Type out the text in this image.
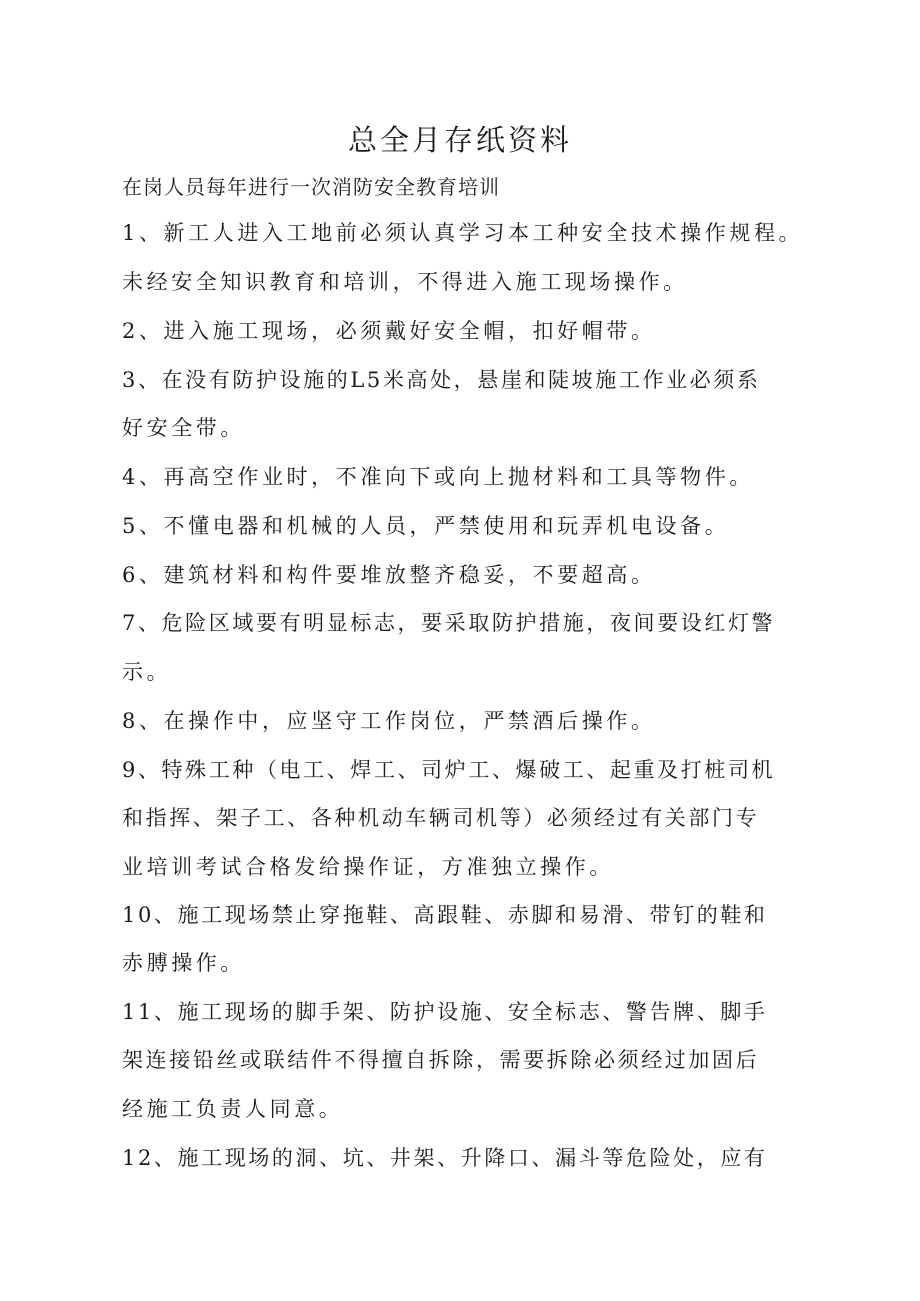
总全月存纸资料

在岗人员每年进行一次消防安全教育培训

1、新工人进入工地前必须认真学习本工种安全技术操作规程。

未经安全知识教育和培训，不得进入施工现场操作。

2、进入施工现场，必须戴好安全帽，扣好帽带。

3、在没有防护设施的L5米高处，悬崖和陡坡施工作业必须系

好安全带。

4、再高空作业时，不准向下或向上抛材料和工具等物件。

5、不懂电器和机械的人员，严禁使用和玩弄机电设备。

6、建筑材料和构件要堆放整齐稳妥，不要超高。

7、危险区域要有明显标志，要采取防护措施，夜间要设红灯警

示。

8、在操作中，应坚守工作岗位，严禁酒后操作。

9、特殊工种（电工、焊工、司炉工、爆破工、起重及打桩司机

和指挥、架子工、各种机动车辆司机等）必须经过有关部门专

业培训考试合格发给操作证，方准独立操作。

10、施工现场禁止穿拖鞋、高跟鞋、赤脚和易滑、带钉的鞋和

赤膊操作。

11、施工现场的脚手架、防护设施、安全标志、警告牌、脚手

架连接铅丝或联结件不得擅自拆除，需要拆除必须经过加固后

经施工负责人同意。

12、施工现场的洞、坑、井架、升降口、漏斗等危险处，应有
